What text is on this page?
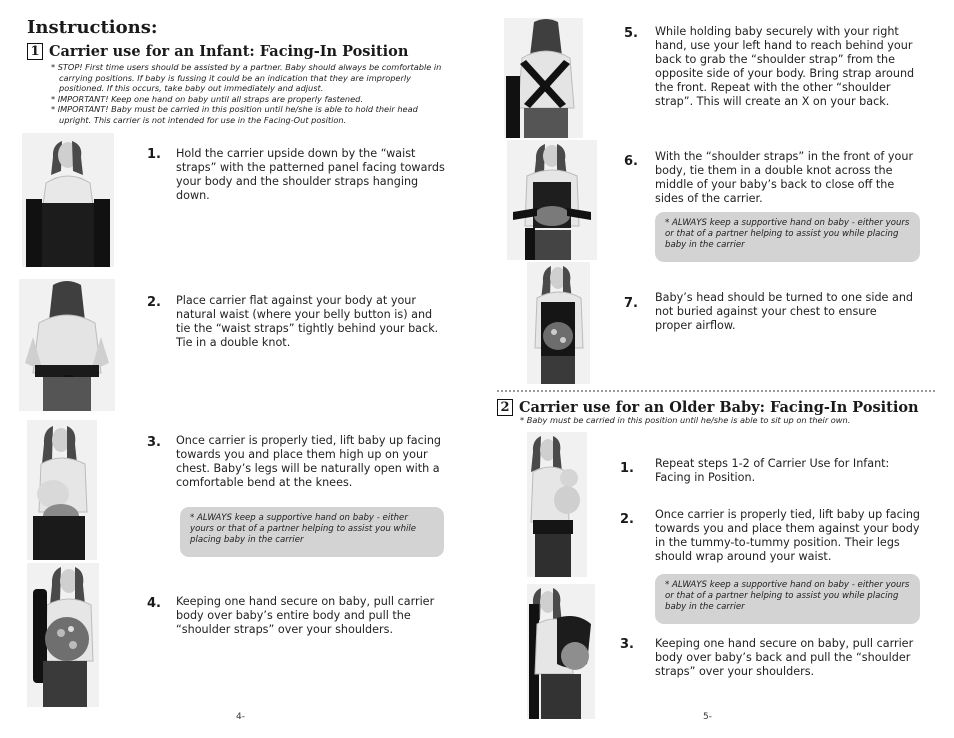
Instructions:
1 Carrier use for an Infant: Facing-In Position

* STOP! First time users should be assisted by a partner. Baby should always be comfortable in carrying positions. If baby is fussing it could be an indication that they are improperly positioned. If this occurs, take baby out immediately and adjust.

* IMPORTANT! Keep one hand on baby until all straps are properly fastened.

* IMPORTANT! Baby must be carried in this position until he/she is able to hold their head upright. This carrier is not intended for use in the Facing-Out position.

1. Hold the carrier upside down by the “waist straps” with the patterned panel facing towards your body and the shoulder straps hanging down.
2. Place carrier flat against your body at your natural waist (where your belly button is) and tie the “waist straps” tightly behind your back. Tie in a double knot.
3. Once carrier is properly tied, lift baby up facing towards you and place them high up on your chest. Baby’s legs will be naturally open with a comfortable bend at the knees.
* ALWAYS keep a supportive hand on baby - either yours or that of a partner helping to assist you while placing baby in the carrier
4. Keeping one hand secure on baby, pull carrier body over baby’s entire body and pull the “shoulder straps” over your shoulders.
4-
5. While holding baby securely with your right hand, use your left hand to reach behind your back to grab the “shoulder strap” from the opposite side of your body. Bring strap around the front. Repeat with the other “shoulder strap”. This will create an X on your back.
6. With the “shoulder straps” in the front of your body, tie them in a double knot across the middle of your baby’s back to close off the sides of the carrier.
* ALWAYS keep a supportive hand on baby - either yours or that of a partner helping to assist you while placing baby in the carrier
7. Baby’s head should be turned to one side and not buried against your chest to ensure proper airflow.
2 Carrier use for an Older Baby: Facing-In Position
* Baby must be carried in this position until he/she is able to sit up on their own.
1. Repeat steps 1-2 of Carrier Use for Infant: Facing in Position.
2. Once carrier is properly tied, lift baby up facing towards you and place them against your body in the tummy-to-tummy position. Their legs should wrap around your waist.
* ALWAYS keep a supportive hand on baby - either yours or that of a partner helping to assist you while placing baby in the carrier
3. Keeping one hand secure on baby, pull carrier body over baby’s back and pull the “shoulder straps” over your shoulders.
5-
